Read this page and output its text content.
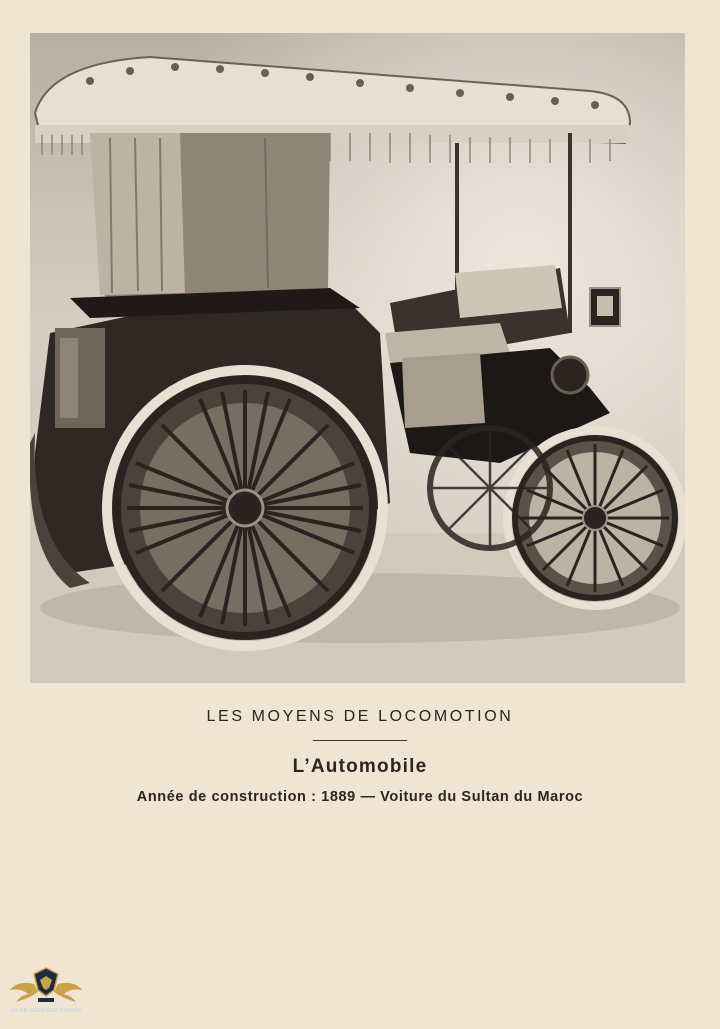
LES MOYENS DE LOCOMOTION
L’Automobile
Année de construction : 1889 — Voiture du Sultan du Maroc
ARAB DEFENSE FORUM
